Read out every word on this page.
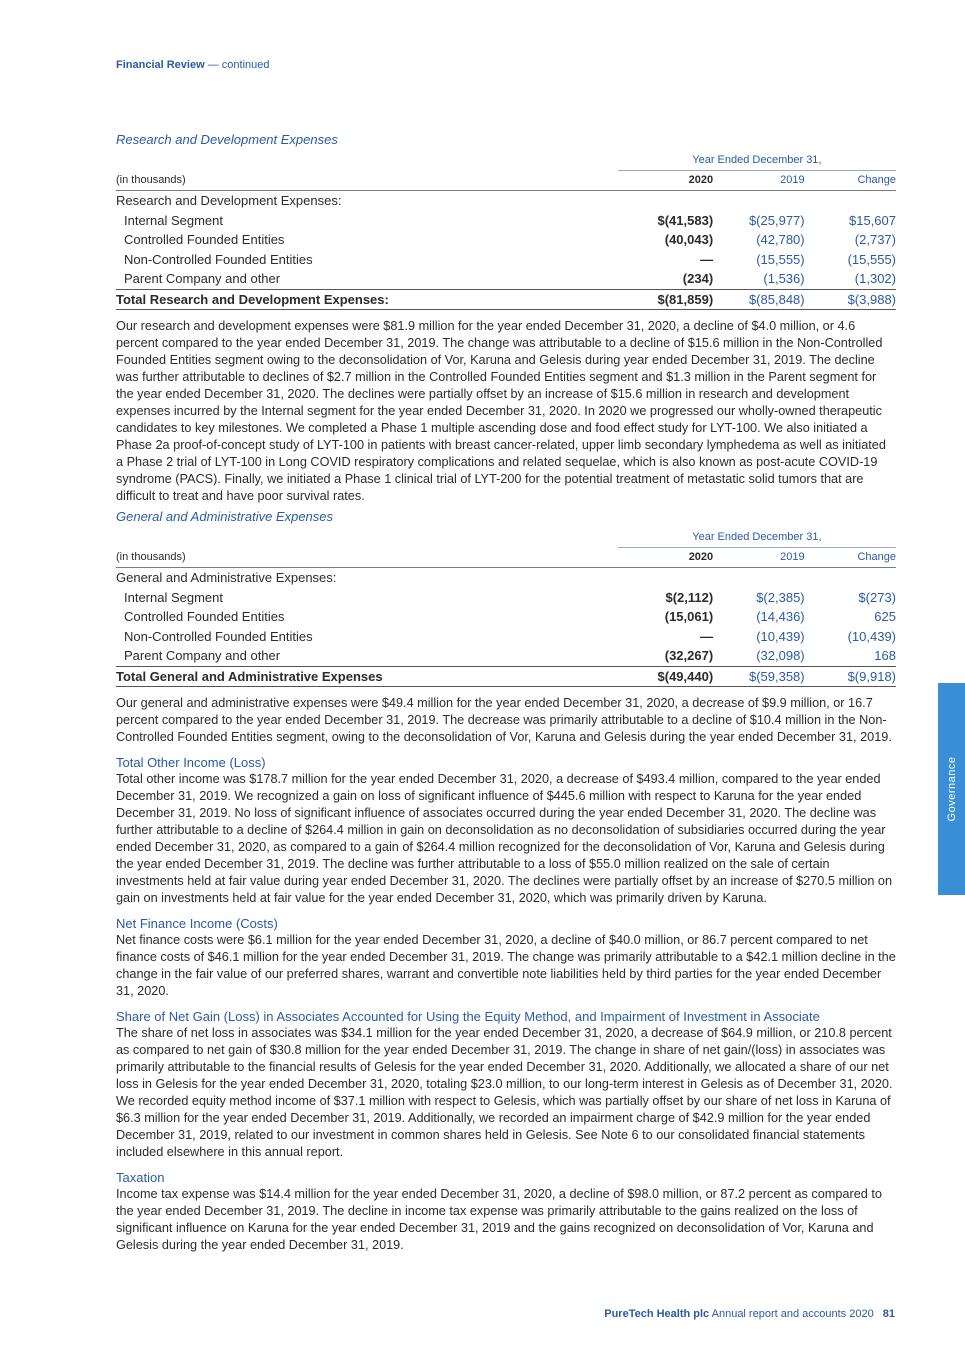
Financial Review — continued
Research and Development Expenses
	Year Ended December 31,		
(in thousands)	2020	2019	Change
Research and Development Expenses:			
Internal Segment	$(41,583)	$(25,977)	$15,607
Controlled Founded Entities	(40,043)	(42,780)	(2,737)
Non-Controlled Founded Entities	—	(15,555)	(15,555)
Parent Company and other	(234)	(1,536)	(1,302)
Total Research and Development Expenses:	$(81,859)	$(85,848)	$(3,988)

Our research and development expenses were $81.9 million for the year ended December 31, 2020, a decline of $4.0 million, or 4.6 percent compared to the year ended December 31, 2019. The change was attributable to a decline of $15.6 million in the Non-Controlled Founded Entities segment owing to the deconsolidation of Vor, Karuna and Gelesis during year ended December 31, 2019. The decline was further attributable to declines of $2.7 million in the Controlled Founded Entities segment and $1.3 million in the Parent segment for the year ended December 31, 2020. The declines were partially offset by an increase of $15.6 million in research and development expenses incurred by the Internal segment for the year ended December 31, 2020. In 2020 we progressed our wholly-owned therapeutic candidates to key milestones. We completed a Phase 1 multiple ascending dose and food effect study for LYT-100. We also initiated a Phase 2a proof-of-concept study of LYT-100 in patients with breast cancer-related, upper limb secondary lymphedema as well as initiated a Phase 2 trial of LYT-100 in Long COVID respiratory complications and related sequelae, which is also known as post-acute COVID-19 syndrome (PACS). Finally, we initiated a Phase 1 clinical trial of LYT-200 for the potential treatment of metastatic solid tumors that are difficult to treat and have poor survival rates.

General and Administrative Expenses
	Year Ended December 31,		
(in thousands)	2020	2019	Change
General and Administrative Expenses:			
Internal Segment	$(2,112)	$(2,385)	$(273)
Controlled Founded Entities	(15,061)	(14,436)	625
Non-Controlled Founded Entities	—	(10,439)	(10,439)
Parent Company and other	(32,267)	(32,098)	168
Total General and Administrative Expenses	$(49,440)	$(59,358)	$(9,918)

Our general and administrative expenses were $49.4 million for the year ended December 31, 2020, a decrease of $9.9 million, or 16.7 percent compared to the year ended December 31, 2019. The decrease was primarily attributable to a decline of $10.4 million in the Non-Controlled Founded Entities segment, owing to the deconsolidation of Vor, Karuna and Gelesis during the year ended December 31, 2019.

Total Other Income (Loss)

Total other income was $178.7 million for the year ended December 31, 2020, a decrease of $493.4 million, compared to the year ended December 31, 2019. We recognized a gain on loss of significant influence of $445.6 million with respect to Karuna for the year ended December 31, 2019. No loss of significant influence of associates occurred during the year ended December 31, 2020. The decline was further attributable to a decline of $264.4 million in gain on deconsolidation as no deconsolidation of subsidiaries occurred during the year ended December 31, 2020, as compared to a gain of $264.4 million recognized for the deconsolidation of Vor, Karuna and Gelesis during the year ended December 31, 2019. The decline was further attributable to a loss of $55.0 million realized on the sale of certain investments held at fair value during year ended December 31, 2020. The declines were partially offset by an increase of $270.5 million on gain on investments held at fair value for the year ended December 31, 2020, which was primarily driven by Karuna.

Net Finance Income (Costs)

Net finance costs were $6.1 million for the year ended December 31, 2020, a decline of $40.0 million, or 86.7 percent compared to net finance costs of $46.1 million for the year ended December 31, 2019. The change was primarily attributable to a $42.1 million decline in the change in the fair value of our preferred shares, warrant and convertible note liabilities held by third parties for the year ended December 31, 2020.

Share of Net Gain (Loss) in Associates Accounted for Using the Equity Method, and Impairment of Investment in Associate

The share of net loss in associates was $34.1 million for the year ended December 31, 2020, a decrease of $64.9 million, or 210.8 percent as compared to net gain of $30.8 million for the year ended December 31, 2019. The change in share of net gain/(loss) in associates was primarily attributable to the financial results of Gelesis for the year ended December 31, 2020. Additionally, we allocated a share of our net loss in Gelesis for the year ended December 31, 2020, totaling $23.0 million, to our long-term interest in Gelesis as of December 31, 2020. We recorded equity method income of $37.1 million with respect to Gelesis, which was partially offset by our share of net loss in Karuna of $6.3 million for the year ended December 31, 2019. Additionally, we recorded an impairment charge of $42.9 million for the year ended December 31, 2019, related to our investment in common shares held in Gelesis. See Note 6 to our consolidated financial statements included elsewhere in this annual report.

Taxation

Income tax expense was $14.4 million for the year ended December 31, 2020, a decline of $98.0 million, or 87.2 percent as compared to the year ended December 31, 2019. The decline in income tax expense was primarily attributable to the gains realized on the loss of significant influence on Karuna for the year ended December 31, 2019 and the gains recognized on deconsolidation of Vor, Karuna and Gelesis during the year ended December 31, 2019.

Governance
PureTech Health plc Annual report and accounts 2020 81
